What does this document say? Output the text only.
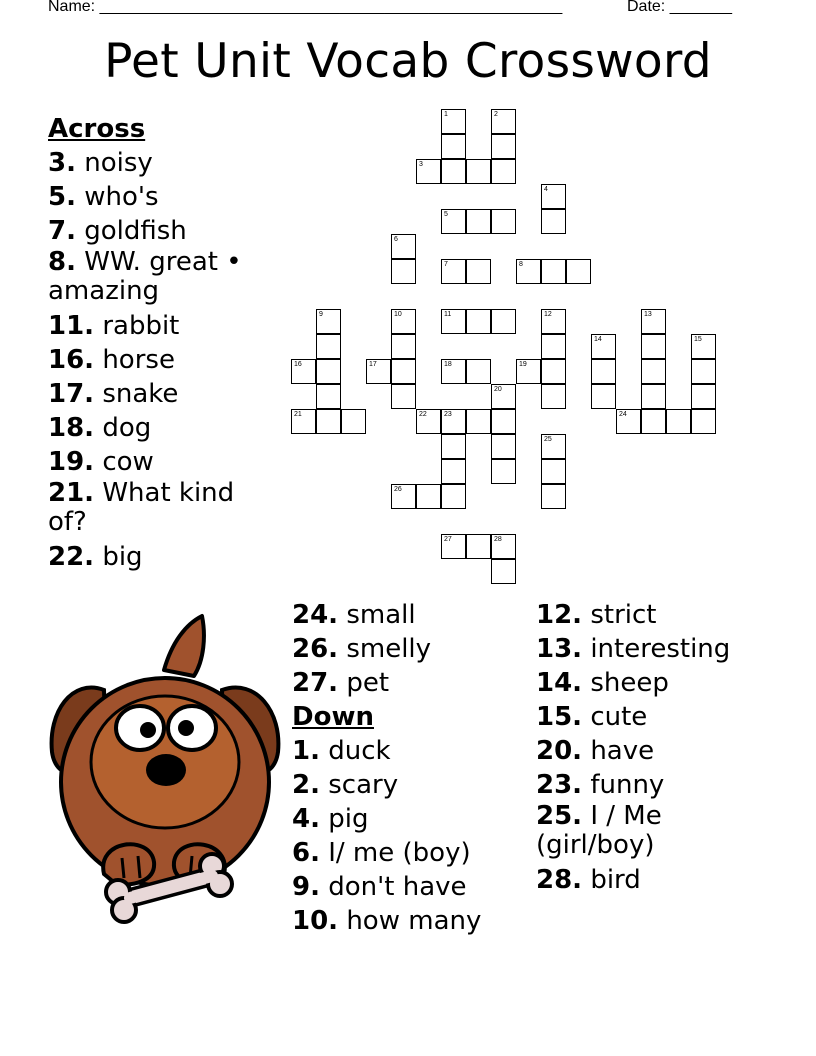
Name: ____________________________________________________	Date: _______
Pet Unit Vocab Crossword
Across
3. noisy
5. who's
7. goldfish
8. WW. great • amazing
11. rabbit
16. horse
17. snake
18. dog
19. cow
21. What kind of?
22. big
24. small
26. smelly
27. pet
Down
1. duck
2. scary
4. pig
6. I/ me (boy)
9. don't have
10. how many
12. strict
13. interesting
14. sheep
15. cute
20. have
23. funny
25. I / Me (girl/boy)
28. bird
1	2
3
4
5
6
7	8
9	10	11	12	13
14	15
16	17	18	19
20
21	22 23	24
25
26
27	28
